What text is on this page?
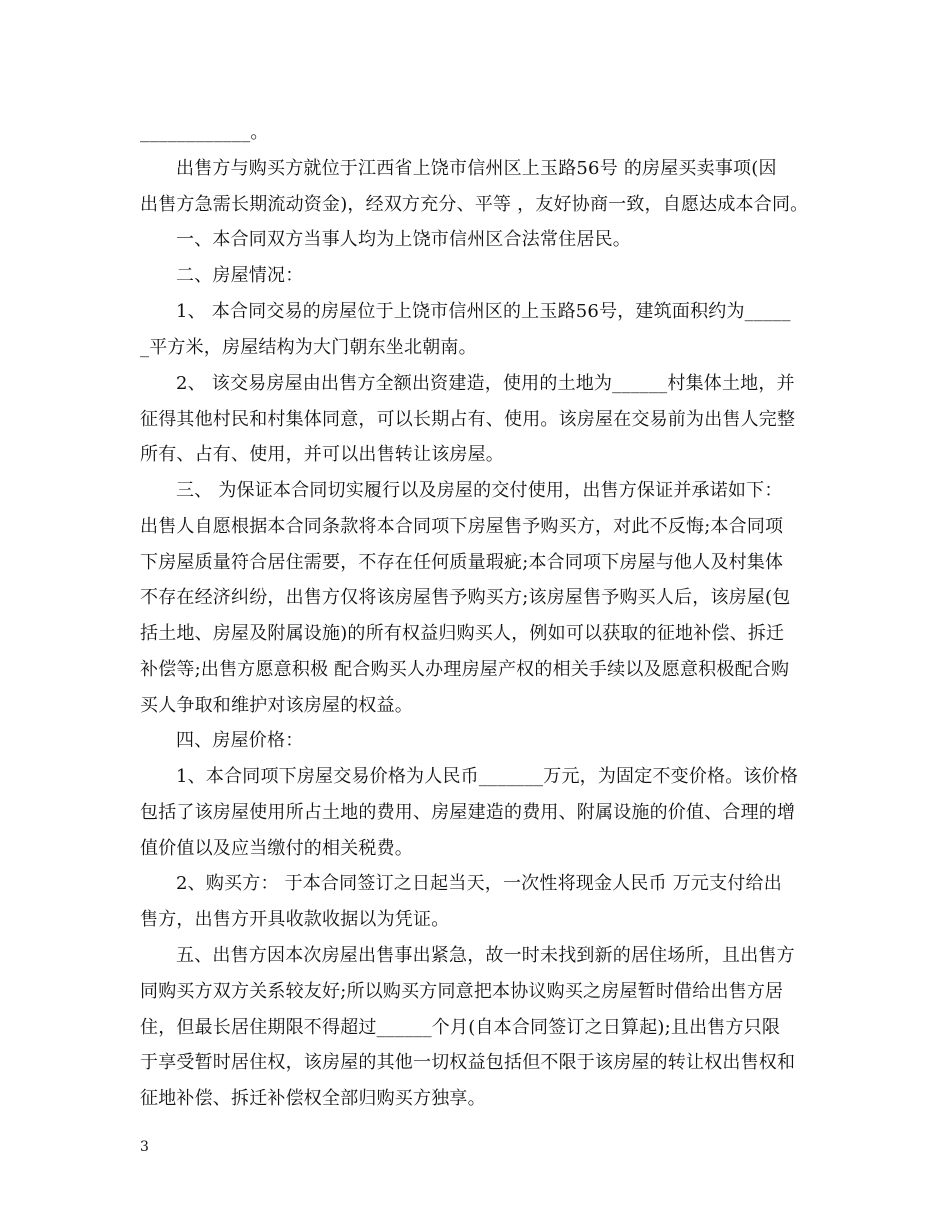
____________。
出售方与购买方就位于江西省上饶市信州区上玉路56号 的房屋买卖事项(因
出售方急需长期流动资金)，经双方充分、平等 ，友好协商一致，自愿达成本合同。
一、本合同双方当事人均为上饶市信州区合法常住居民。
二、房屋情况：
1、 本合同交易的房屋位于上饶市信州区的上玉路56号，建筑面积约为_____
_平方米，房屋结构为大门朝东坐北朝南。
2、 该交易房屋由出售方全额出资建造，使用的土地为______村集体土地，并
征得其他村民和村集体同意，可以长期占有、使用。该房屋在交易前为出售人完整
所有、占有、使用，并可以出售转让该房屋。
三、 为保证本合同切实履行以及房屋的交付使用，出售方保证并承诺如下：
出售人自愿根据本合同条款将本合同项下房屋售予购买方，对此不反悔;本合同项
下房屋质量符合居住需要，不存在任何质量瑕疵;本合同项下房屋与他人及村集体
不存在经济纠纷，出售方仅将该房屋售予购买方;该房屋售予购买人后，该房屋(包
括土地、房屋及附属设施)的所有权益归购买人，例如可以获取的征地补偿、拆迁
补偿等;出售方愿意积极 配合购买人办理房屋产权的相关手续以及愿意积极配合购
买人争取和维护对该房屋的权益。
四、房屋价格：
1、本合同项下房屋交易价格为人民币_______万元，为固定不变价格。该价格
包括了该房屋使用所占土地的费用、房屋建造的费用、附属设施的价值、合理的增
值价值以及应当缴付的相关税费。
2、购买方： 于本合同签订之日起当天，一次性将现金人民币 万元支付给出
售方，出售方开具收款收据以为凭证。
五、出售方因本次房屋出售事出紧急，故一时未找到新的居住场所，且出售方
同购买方双方关系较友好;所以购买方同意把本协议购买之房屋暂时借给出售方居
住，但最长居住期限不得超过______个月(自本合同签订之日算起);且出售方只限
于享受暂时居住权，该房屋的其他一切权益包括但不限于该房屋的转让权出售权和
征地补偿、拆迁补偿权全部归购买方独享。
3
